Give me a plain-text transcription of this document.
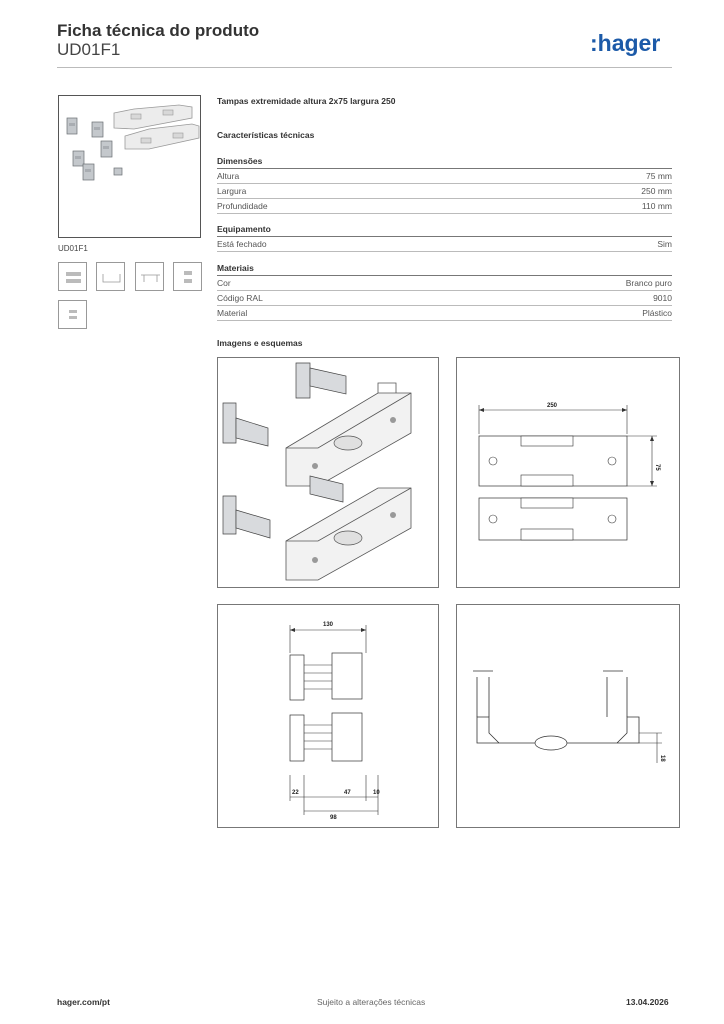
Ficha técnica do produto
UD01F1	:hager
UD01F1
Tampas extremidade altura 2x75 largura 250
Características técnicas
Dimensões
Altura	75 mm
Largura	250 mm
Profundidade	110 mm
Equipamento
Está fechado	Sim
Materiais
Cor	Branco puro
Código RAL	9010
Material	Plástico
Imagens e esquemas
250
75
130
22	47	10
98
18
hager.com/pt	Sujeito a alterações técnicas	13.04.2026
